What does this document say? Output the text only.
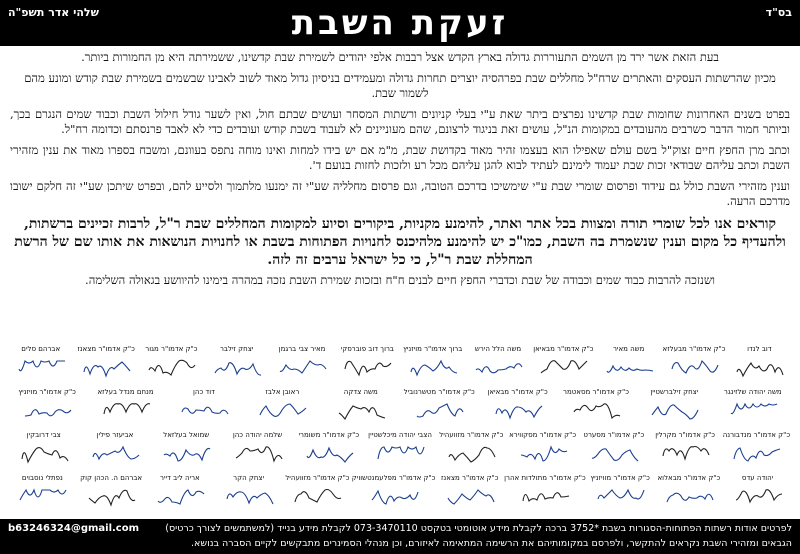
שלהי אדר תשפ"ה	זעקת השבת	בס"ד

בעת הזאת אשר ירד מן השמים התעוררות גדולה בארץ הקדש אצל רבבות אלפי יהודים לשמירת שבת קדשינו, ששמירתה היא מן החמורות ביותר.

מכיון שהרשתות העסקים והאתרים שרח"ל מחללים שבת בפרהסיה יוצרים תחרות גדולה ומעמידים בניסיון גדול מאוד לשוב לאבינו שבשמים בשמירת שבת קודש ומונע מהם לשמור שבת.

בפרט בשנים האחרונות שחומות שבת קדשינו נפרצים ביתר שאת ע"י בעלי קניונים ורשתות המסחר ועושים שבתם חול, ואין לשער גודל חילול השבת וכבוד שמים הנגרם בכך, וביותר חמור הדבר כשרבים מהעובדים במקומות הנ"ל, עושים זאת בניגוד לרצונם, שהם מעוניינים לא לעבוד בשבת קודש ועובדים כדי לא לאבד פרנסתם וכדומה רח"ל.

וכתב מרן החפץ חיים זצוק"ל בשם עולם שאפילו הוא בעצמו זהיר מאוד בקדושת שבת, מ"מ אם יש בידו למחות ואינו מוחה נתפס בעוונם, ומשבח בספרו מאוד את ענין מזהירי השבת וכתב עליהם שבודאי זכות שבת יעמוד לימינם לעתיד לבוא להגן עליהם מכל רע ולזכות לחזות בנועם ד'.

וענין מזהירי השבת כולל גם עידוד ופרסום שומרי שבת ע"י שימשיכו בדרכם הטובה, וגם פרסום מחלליה שע"י זה ימנעו מלתמוך ולסייע להם, ובפרט שיתכן שע"י זה חלקם ישובו מדרכם הרעה.

קוראים אנו לכל שומרי תורה ומצוות בכל אתר ואתר, להימנע מקניות, ביקורים וסיוע למקומות המחללים שבת ר"ל, לרבות זכיינים ברשתות, ולהעדיף כל מקום וענין שנשמרת בה השבת, כמו"כ יש להימנע מלהיכנס לחנויות הפתוחות בשבת או לחנויות הנושאות את אותו שם של הרשת המחללת שבת ר"ל, כי כל ישראל ערבים זה לזה.

ושנזכה להרבות כבוד שמים וכבודה של שבת וכדברי החפץ חיים לבנים ח"ח ובזכות שמירת השבת נזכה במהרה בימינו להיוושע בגאולה השלימה.

דוב לנדו
כ"ק אדמו"ר מבעלזא
משה מאיר
כ"ק אדמו"ר מבאיאן
משה הלל הירש
ברוך אדמו"ר מויזניץ
ברוך דוב פוברסקי
מאיר צבי ברגמן
יצחק זילבר
כ"ק אדמו"ר מגור
כ"ק אדמו"ר מצאנז
אברהם סלים
משה יהודה שלזינגר
יצחק זילברשטיין
כ"ק אדמו"ר מסאטמר
כ"ק אדמו"ר מבאיאן
כ"ק אדמו"ר מטשרנוביל
משה צדקה
ראובן אלבז
דוד כהן
מנחם מנדל בעלזא
כ"ק אדמו"ר מויזניץ
כ"ק אדמו"ר מנדבורנה
כ"ק אדמו"ר מקרלין
כ"ק אדמו"ר מסערט
כ"ק אדמו"ר מסקווירא
כ"ק אדמו"ר מזוועהיל
הצבי יהודה מיכלשטיין
כ"ק אדמו"ר משומרי
שלמה יהודה כהן
שמואל בעלזאל
אביעזר פילין
צבי דרובקין
יהודה עדס
כ"ק אדמו"ר מבאלוא
כ"ק אדמו"ר מוויזניץ
כ"ק אדמו"ר מתולדות אהרן
כ"ק אדמו"ר מצאנז
כ"ק אדמו"ר מפלעמנטשוויק
כ"ק אדמו"ר מזוועהיל
יצחק הקר
אריה ליב דייר
אברהם ה. הכהן קוק
נפתלי נוסבוים
b63246324@gmail.com	לפרטים אודות רשתות הפתוחות-הסגורות בשבת *3752 ברכה לקבלת מידע אוטומטי בטקסט 073-3470110 לקבלת מידע בנייד (למשתמשים לצורך כרטיס)
הגבאים ומזהירי השבת נקראים להתקשר, ולפרסם במקומותיהם את הרשימה המתאימה לאיזורם, וכן מנהלי הסמינרים מתבקשים לקיים הסברה בנושא.
